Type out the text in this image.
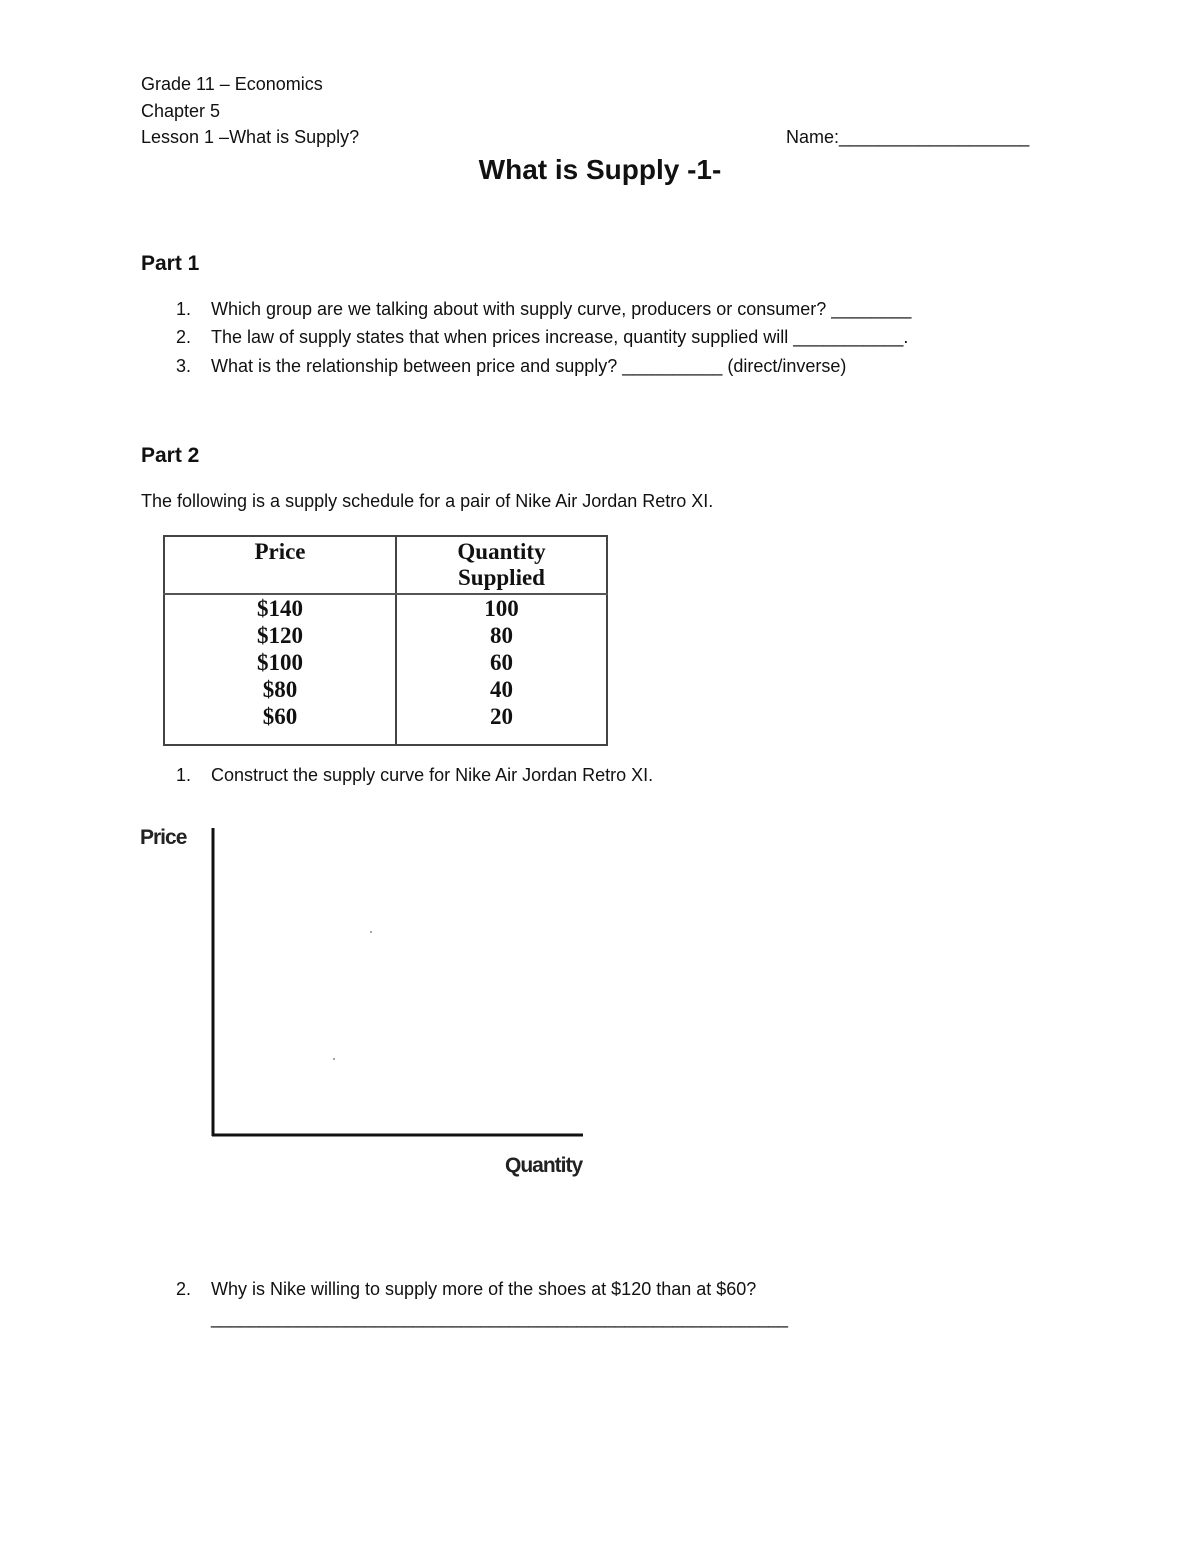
Grade 11 – Economics
Chapter 5
Lesson 1 –What is Supply?	Name:___________________
What is Supply -1-
Part 1
1. Which group are we talking about with supply curve, producers or consumer? ________
2. The law of supply states that when prices increase, quantity supplied will ___________.
3. What is the relationship between price and supply? __________ (direct/inverse)
Part 2
The following is a supply schedule for a pair of Nike Air Jordan Retro XI.
Price	Quantity
Supplied
$140	100
$120	80
$100	60
$80	40
$60	20
1. Construct the supply curve for Nike Air Jordan Retro XI.
Price
Quantity
2. Why is Nike willing to supply more of the shoes at $120 than at $60?
____________________________________________________________
